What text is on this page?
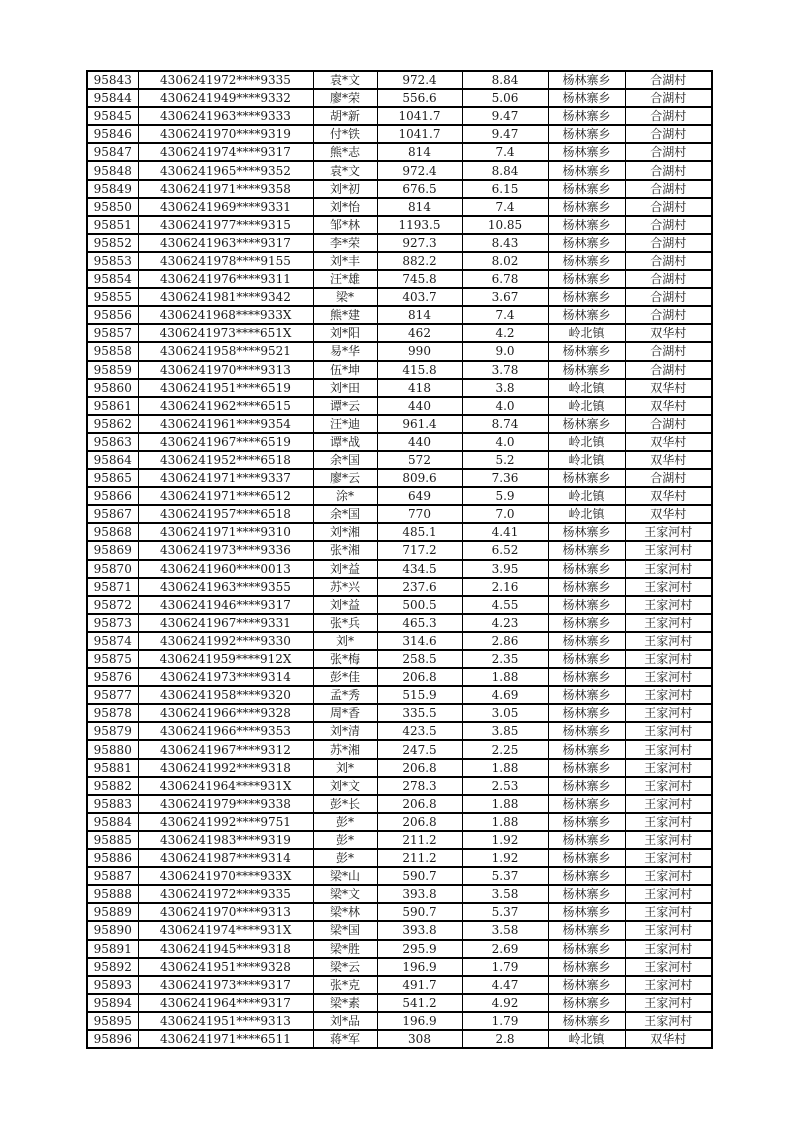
95843	4306241972****9335	袁*文	972.4	8.84	杨林寨乡	合湖村
95844	4306241949****9332	廖*荣	556.6	5.06	杨林寨乡	合湖村
95845	4306241963****9333	胡*新	1041.7	9.47	杨林寨乡	合湖村
95846	4306241970****9319	付*铁	1041.7	9.47	杨林寨乡	合湖村
95847	4306241974****9317	熊*志	814	7.4	杨林寨乡	合湖村
95848	4306241965****9352	袁*文	972.4	8.84	杨林寨乡	合湖村
95849	4306241971****9358	刘*初	676.5	6.15	杨林寨乡	合湖村
95850	4306241969****9331	刘*怡	814	7.4	杨林寨乡	合湖村
95851	4306241977****9315	邹*林	1193.5	10.85	杨林寨乡	合湖村
95852	4306241963****9317	李*荣	927.3	8.43	杨林寨乡	合湖村
95853	4306241978****9155	刘*丰	882.2	8.02	杨林寨乡	合湖村
95854	4306241976****9311	汪*雄	745.8	6.78	杨林寨乡	合湖村
95855	4306241981****9342	梁*	403.7	3.67	杨林寨乡	合湖村
95856	4306241968****933X	熊*建	814	7.4	杨林寨乡	合湖村
95857	4306241973****651X	刘*阳	462	4.2	岭北镇	双华村
95858	4306241958****9521	易*华	990	9.0	杨林寨乡	合湖村
95859	4306241970****9313	伍*坤	415.8	3.78	杨林寨乡	合湖村
95860	4306241951****6519	刘*田	418	3.8	岭北镇	双华村
95861	4306241962****6515	谭*云	440	4.0	岭北镇	双华村
95862	4306241961****9354	汪*迪	961.4	8.74	杨林寨乡	合湖村
95863	4306241967****6519	谭*战	440	4.0	岭北镇	双华村
95864	4306241952****6518	余*国	572	5.2	岭北镇	双华村
95865	4306241971****9337	廖*云	809.6	7.36	杨林寨乡	合湖村
95866	4306241971****6512	涂*	649	5.9	岭北镇	双华村
95867	4306241957****6518	余*国	770	7.0	岭北镇	双华村
95868	4306241971****9310	刘*湘	485.1	4.41	杨林寨乡	王家河村
95869	4306241973****9336	张*湘	717.2	6.52	杨林寨乡	王家河村
95870	4306241960****0013	刘*益	434.5	3.95	杨林寨乡	王家河村
95871	4306241963****9355	苏*兴	237.6	2.16	杨林寨乡	王家河村
95872	4306241946****9317	刘*益	500.5	4.55	杨林寨乡	王家河村
95873	4306241967****9331	张*兵	465.3	4.23	杨林寨乡	王家河村
95874	4306241992****9330	刘*	314.6	2.86	杨林寨乡	王家河村
95875	4306241959****912X	张*梅	258.5	2.35	杨林寨乡	王家河村
95876	4306241973****9314	彭*佳	206.8	1.88	杨林寨乡	王家河村
95877	4306241958****9320	孟*秀	515.9	4.69	杨林寨乡	王家河村
95878	4306241966****9328	周*香	335.5	3.05	杨林寨乡	王家河村
95879	4306241966****9353	刘*清	423.5	3.85	杨林寨乡	王家河村
95880	4306241967****9312	苏*湘	247.5	2.25	杨林寨乡	王家河村
95881	4306241992****9318	刘*	206.8	1.88	杨林寨乡	王家河村
95882	4306241964****931X	刘*文	278.3	2.53	杨林寨乡	王家河村
95883	4306241979****9338	彭*长	206.8	1.88	杨林寨乡	王家河村
95884	4306241992****9751	彭*	206.8	1.88	杨林寨乡	王家河村
95885	4306241983****9319	彭*	211.2	1.92	杨林寨乡	王家河村
95886	4306241987****9314	彭*	211.2	1.92	杨林寨乡	王家河村
95887	4306241970****933X	梁*山	590.7	5.37	杨林寨乡	王家河村
95888	4306241972****9335	梁*文	393.8	3.58	杨林寨乡	王家河村
95889	4306241970****9313	梁*林	590.7	5.37	杨林寨乡	王家河村
95890	4306241974****931X	梁*国	393.8	3.58	杨林寨乡	王家河村
95891	4306241945****9318	梁*胜	295.9	2.69	杨林寨乡	王家河村
95892	4306241951****9328	梁*云	196.9	1.79	杨林寨乡	王家河村
95893	4306241973****9317	张*克	491.7	4.47	杨林寨乡	王家河村
95894	4306241964****9317	梁*素	541.2	4.92	杨林寨乡	王家河村
95895	4306241951****9313	刘*品	196.9	1.79	杨林寨乡	王家河村
95896	4306241971****6511	蒋*军	308	2.8	岭北镇	双华村
